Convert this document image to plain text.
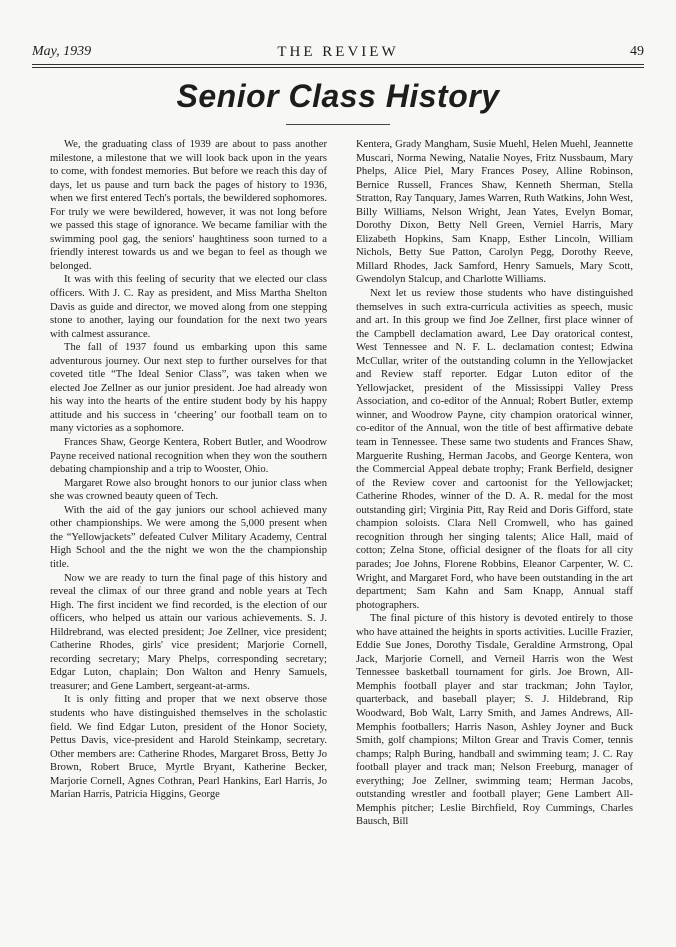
May, 1939	THE REVIEW	49
Senior Class History

We, the graduating class of 1939 are about to pass another milestone, a milestone that we will look back upon in the years to come, with fondest memories. But before we reach this day of days, let us pause and turn back the pages of history to 1936, when we first entered Tech's portals, the bewildered sophomores. For truly we were bewildered, however, it was not long before we passed this stage of ignorance. We became familiar with the swimming pool gag, the seniors' haughtiness soon turned to a friendly interest towards us and we began to feel as though we belonged.

It was with this feeling of security that we elected our class officers. With J. C. Ray as president, and Miss Martha Shelton Davis as guide and director, we moved along from one stepping stone to another, laying our foundation for the next two years with calmest assurance.

The fall of 1937 found us embarking upon this same adventurous journey. Our next step to further ourselves for that coveted title “The Ideal Senior Class”, was taken when we elected Joe Zellner as our junior president. Joe had already won his way into the hearts of the entire student body by his happy attitude and his success in ‘cheering’ our football team on to many victories as a sophomore.

Frances Shaw, George Kentera, Robert Butler, and Woodrow Payne received national recognition when they won the southern debating championship and a trip to Wooster, Ohio.

Margaret Rowe also brought honors to our junior class when she was crowned beauty queen of Tech.

With the aid of the gay juniors our school achieved many other championships. We were among the 5,000 present when the “Yellowjackets” defeated Culver Military Academy, Central High School and the the night we won the the championship title.

Now we are ready to turn the final page of this history and reveal the climax of our three grand and noble years at Tech High. The first incident we find recorded, is the election of our officers, who helped us attain our various achievements. S. J. Hildrebrand, was elected president; Joe Zellner, vice president; Catherine Rhodes, girls' vice president; Marjorie Cornell, recording secretary; Mary Phelps, corresponding secretary; Edgar Luton, chaplain; Don Walton and Henry Samuels, treasurer; and Gene Lambert, sergeant-at-arms.

It is only fitting and proper that we next observe those students who have distinguished themselves in the scholastic field. We find Edgar Luton, president of the Honor Society, Pettus Davis, vice-president and Harold Steinkamp, secretary. Other members are: Catherine Rhodes, Margaret Bross, Betty Jo Brown, Robert Bruce, Myrtle Bryant, Katherine Becker, Marjorie Cornell, Agnes Cothran, Pearl Hankins, Earl Harris, Jo Marian Harris, Patricia Higgins, George

Kentera, Grady Mangham, Susie Muehl, Helen Muehl, Jeannette Muscari, Norma Newing, Natalie Noyes, Fritz Nussbaum, Mary Phelps, Alice Piel, Mary Frances Posey, Alline Robinson, Bernice Russell, Frances Shaw, Kenneth Sherman, Stella Stratton, Ray Tanquary, James Warren, Ruth Watkins, John West, Billy Williams, Nelson Wright, Jean Yates, Evelyn Bomar, Dorothy Dixon, Betty Nell Green, Verniel Harris, Mary Elizabeth Hopkins, Sam Knapp, Esther Lincoln, William Nichols, Betty Sue Patton, Carolyn Pegg, Dorothy Reeve, Millard Rhodes, Jack Samford, Henry Samuels, Mary Scott, Gwendolyn Stalcup, and Charlotte Williams.

Next let us review those students who have distinguished themselves in such extra-curricula activities as speech, music and art. In this group we find Joe Zellner, first place winner of the Campbell declamation award, Lee Day oratorical contest, West Tennessee and N. F. L. declamation contest; Edwina McCullar, writer of the outstanding column in the Yellowjacket and Review staff reporter. Edgar Luton editor of the Yellowjacket, president of the Mississippi Valley Press Association, and co-editor of the Annual; Robert Butler, extemp winner, and Woodrow Payne, city champion oratorical winner, co-editor of the Annual, won the title of best affirmative debate team in Tennessee. These same two students and Frances Shaw, Marguerite Rushing, Herman Jacobs, and George Kentera, won the Commercial Appeal debate trophy; Frank Berfield, designer of the Review cover and cartoonist for the Yellowjacket; Catherine Rhodes, winner of the D. A. R. medal for the most outstanding girl; Virginia Pitt, Ray Reid and Doris Gifford, state champion soloists. Clara Nell Cromwell, who has gained recognition through her singing talents; Alice Hall, maid of cotton; Zelna Stone, official designer of the floats for all city parades; Joe Johns, Florene Robbins, Eleanor Carpenter, W. C. Wright, and Margaret Ford, who have been outstanding in the art department; Sam Kahn and Sam Knapp, Annual staff photographers.

The final picture of this history is devoted entirely to those who have attained the heights in sports activities. Lucille Frazier, Eddie Sue Jones, Dorothy Tisdale, Geraldine Armstrong, Opal Jack, Marjorie Cornell, and Verneil Harris won the West Tennessee basketball tournament for girls. Joe Brown, All-Memphis football player and star trackman; John Taylor, quarterback, and baseball player; S. J. Hildebrand, Rip Woodward, Bob Walt, Larry Smith, and James Andrews, All-Memphis footballers; Harris Nason, Ashley Joyner and Buck Smith, golf champions; Milton Grear and Travis Comer, tennis champs; Ralph Buring, handball and swimming team; J. C. Ray football player and track man; Nelson Freeburg, manager of everything; Joe Zellner, swimming team; Herman Jacobs, outstanding wrestler and football player; Gene Lambert All-Memphis pitcher; Leslie Birchfield, Roy Cummings, Charles Bausch, Bill
